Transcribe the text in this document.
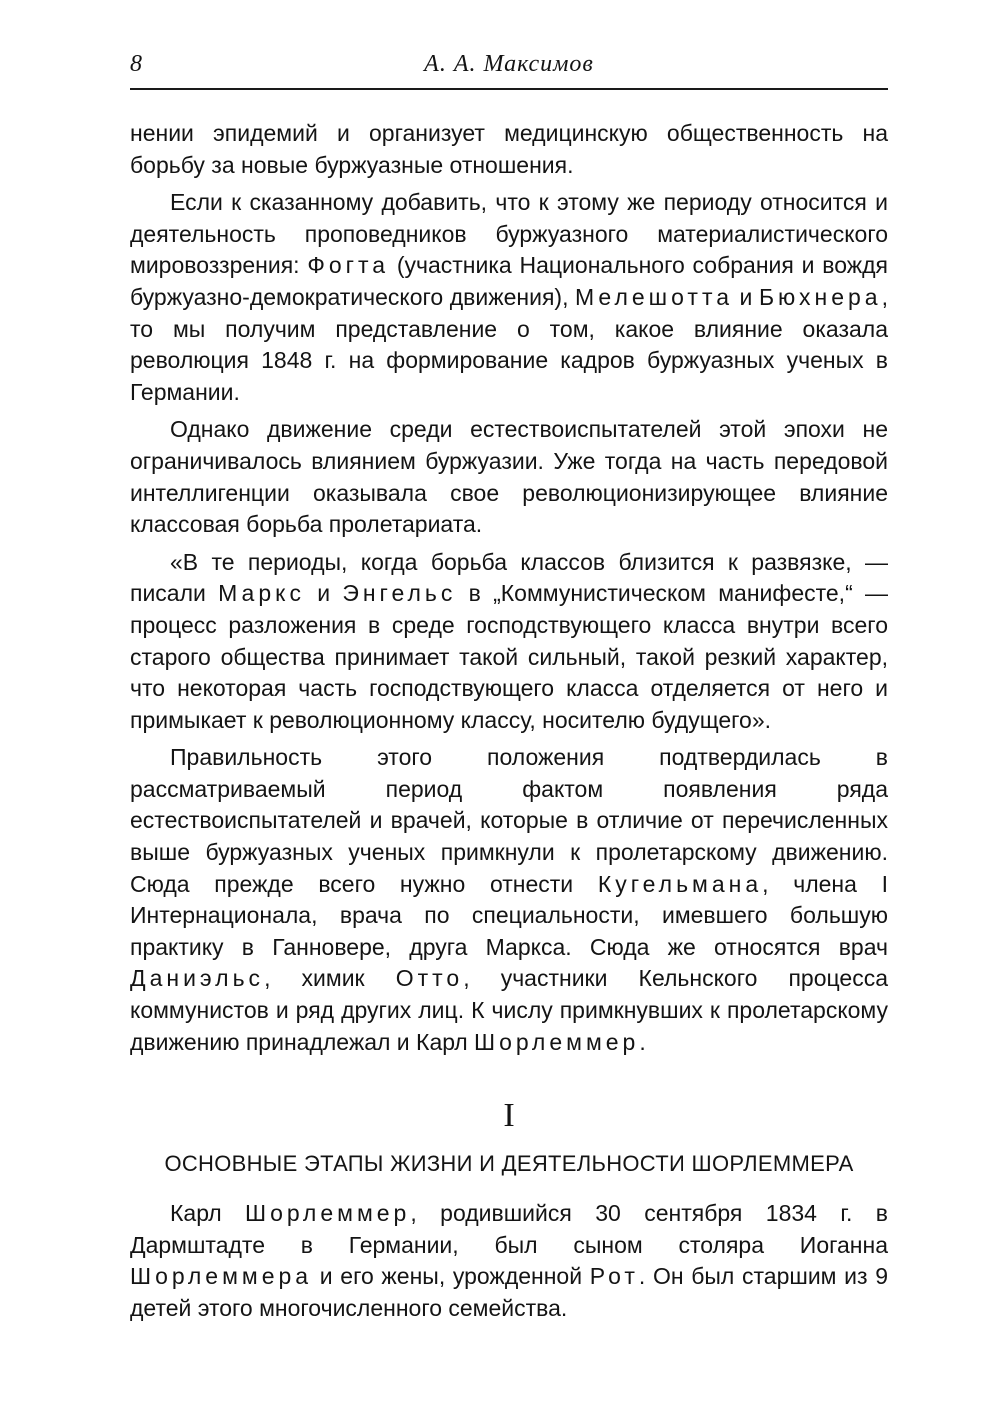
8	А. А. Максимов

нении эпидемий и организует медицинскую общественность на борьбу за новые буржуазные отношения.

Если к сказанному добавить, что к этому же периоду относится и деятельность проповедников буржуазного материалистического мировоззрения: Фогта (участника Национального собрания и вождя буржуазно-демократического движения), Мелешотта и Бюхнера, то мы получим представление о том, какое влияние оказала революция 1848 г. на формирование кадров буржуазных ученых в Германии.

Однако движение среди естествоиспытателей этой эпохи не ограничивалось влиянием буржуазии. Уже тогда на часть передовой интеллигенции оказывала свое революционизирующее влияние классовая борьба пролетариата.

«В те периоды, когда борьба классов близится к развязке, — писали Маркс и Энгельс в „Коммунистическом манифесте,“ — процесс разложения в среде господствующего класса внутри всего старого общества принимает такой сильный, такой резкий характер, что некоторая часть господствующего класса отделяется от него и примыкает к революционному классу, носителю будущего».

Правильность этого положения подтвердилась в рассматриваемый период фактом появления ряда естествоиспытателей и врачей, которые в отличие от перечисленных выше буржуазных ученых примкнули к пролетарскому движению. Сюда прежде всего нужно отнести Кугельмана, члена I Интернационала, врача по специальности, имевшего большую практику в Ганновере, друга Маркса. Сюда же относятся врач Даниэльс, химик Отто, участники Кельнского процесса коммунистов и ряд других лиц. К числу примкнувших к пролетарскому движению принадлежал и Карл Шорлеммер.

I
ОСНОВНЫЕ ЭТАПЫ ЖИЗНИ И ДЕЯТЕЛЬНОСТИ ШОРЛЕММЕРА

Карл Шорлеммер, родившийся 30 сентября 1834 г. в Дармштадте в Германии, был сыном столяра Иоганна Шорлеммера и его жены, урожденной Рот. Он был старшим из 9 детей этого многочисленного семейства.
